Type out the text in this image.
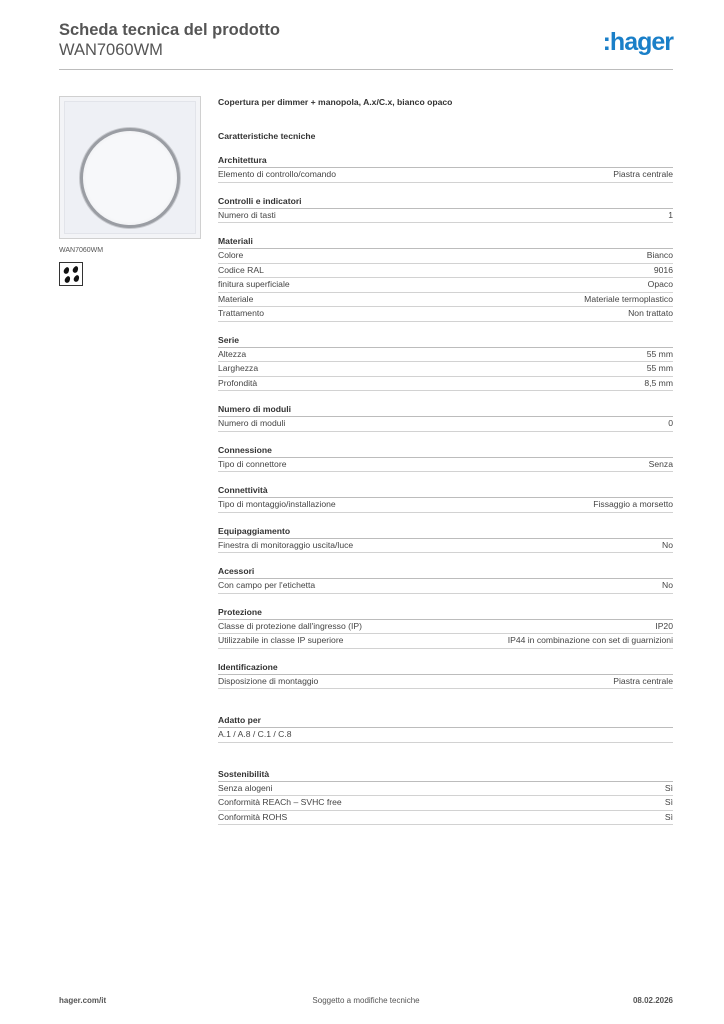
Scheda tecnica del prodotto
WAN7060WM	:hager
WAN7060WM
Copertura per dimmer + manopola, A.x/C.x, bianco opaco
Caratteristiche tecniche
Architettura
Elemento di controllo/comando	Piastra centrale
Controlli e indicatori
Numero di tasti	1
Materiali
Colore	Bianco
Codice RAL	9016
finitura superficiale	Opaco
Materiale	Materiale termoplastico
Trattamento	Non trattato
Serie
Altezza	55 mm
Larghezza	55 mm
Profondità	8,5 mm
Numero di moduli
Numero di moduli	0
Connessione
Tipo di connettore	Senza
Connettività
Tipo di montaggio/installazione	Fissaggio a morsetto
Equipaggiamento
Finestra di monitoraggio uscita/luce	No
Acessori
Con campo per l'etichetta	No
Protezione
Classe di protezione dall'ingresso (IP)	IP20
Utilizzabile in classe IP superiore	IP44 in combinazione con set di guarnizioni
Identificazione
Disposizione di montaggio	Piastra centrale
Adatto per
A.1 / A.8 / C.1 / C.8
Sostenibilità
Senza alogeni	Sì
Conformità REACh – SVHC free	Sì
Conformità ROHS	Sì
hager.com/it	Soggetto a modifiche tecniche	08.02.2026
